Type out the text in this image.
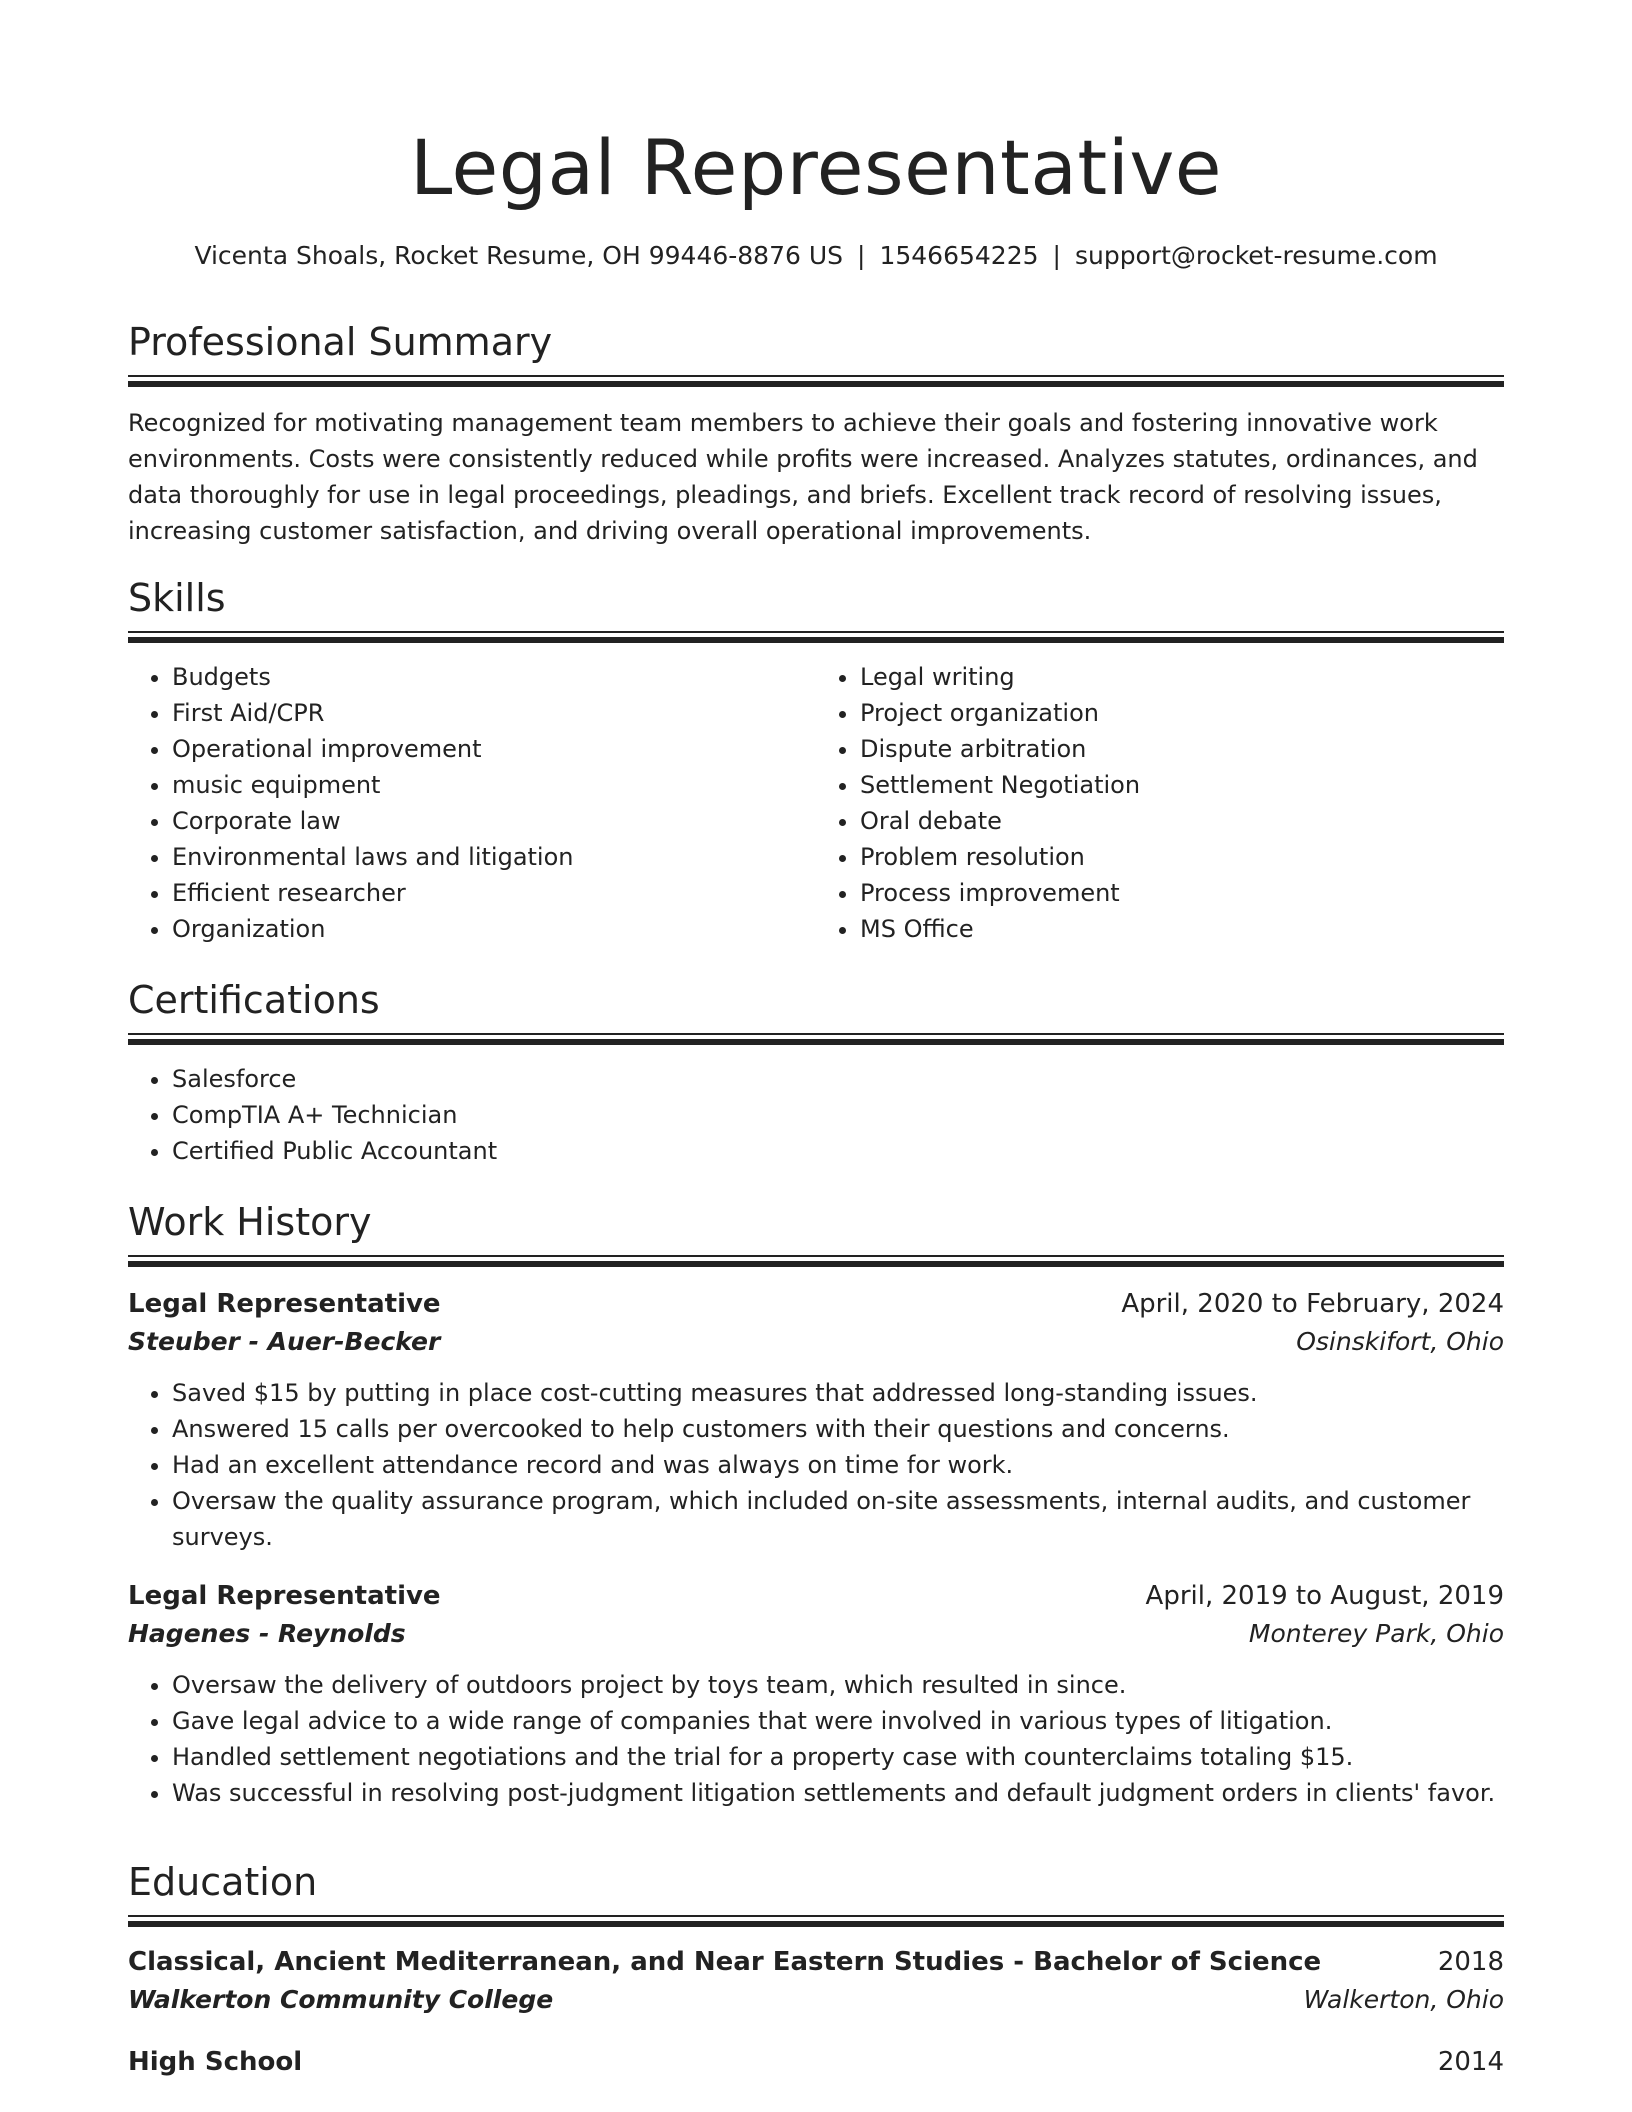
Legal Representative
Vicenta Shoals, Rocket Resume, OH 99446-8876 US | 1546654225 | support@rocket-resume.com
Professional Summary
Recognized for motivating management team members to achieve their goals and fostering innovative work environments. Costs were consistently reduced while profits were increased. Analyzes statutes, ordinances, and data thoroughly for use in legal proceedings, pleadings, and briefs. Excellent track record of resolving issues, increasing customer satisfaction, and driving overall operational improvements.
Skills
• Budgets
• First Aid/CPR
• Operational improvement
• music equipment
• Corporate law
• Environmental laws and litigation
• Efficient researcher
• Organization
• Legal writing
• Project organization
• Dispute arbitration
• Settlement Negotiation
• Oral debate
• Problem resolution
• Process improvement
• MS Office
Certifications
• Salesforce
• CompTIA A+ Technician
• Certified Public Accountant
Work History
Legal Representative	April, 2020 to February, 2024
Steuber - Auer-Becker	Osinskifort, Ohio
• Saved $15 by putting in place cost-cutting measures that addressed long-standing issues.
• Answered 15 calls per overcooked to help customers with their questions and concerns.
• Had an excellent attendance record and was always on time for work.
• Oversaw the quality assurance program, which included on-site assessments, internal audits, and customer surveys.
Legal Representative	April, 2019 to August, 2019
Hagenes - Reynolds	Monterey Park, Ohio
• Oversaw the delivery of outdoors project by toys team, which resulted in since.
• Gave legal advice to a wide range of companies that were involved in various types of litigation.
• Handled settlement negotiations and the trial for a property case with counterclaims totaling $15.
• Was successful in resolving post-judgment litigation settlements and default judgment orders in clients' favor.
Education
Classical, Ancient Mediterranean, and Near Eastern Studies - Bachelor of Science	2018
Walkerton Community College	Walkerton, Ohio
High School	2014
